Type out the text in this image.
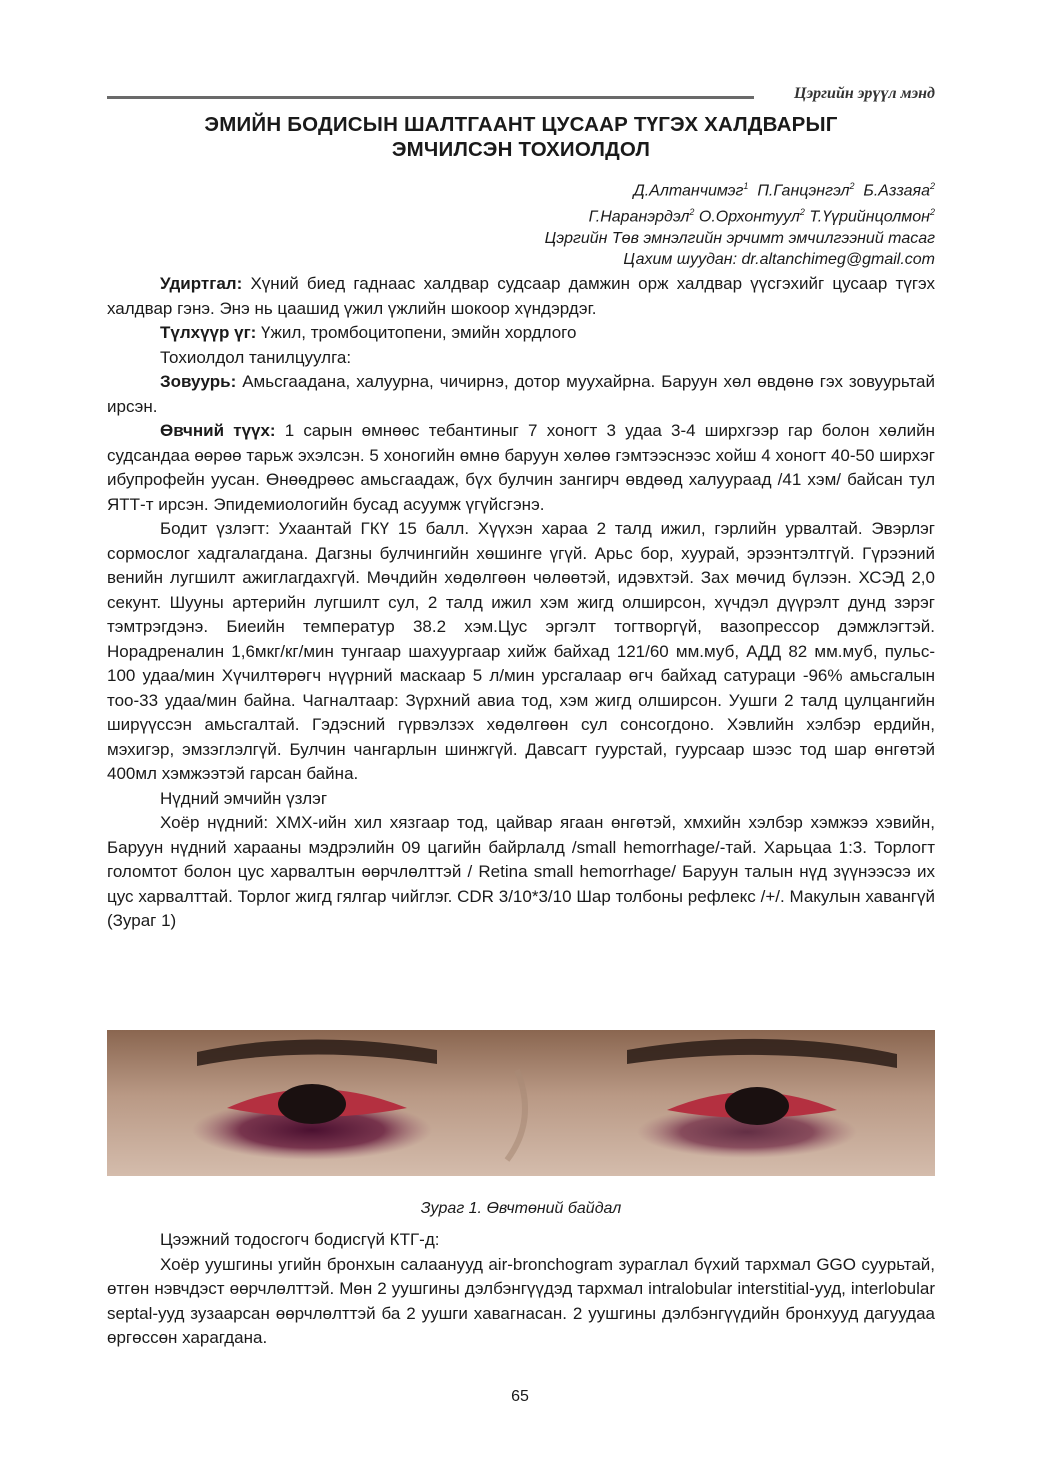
Цэргийн эрүүл мэнд
ЭМИЙН БОДИСЫН ШАЛТГААНТ ЦУСААР ТҮГЭХ ХАЛДВАРЫГ
ЭМЧИЛСЭН ТОХИОЛДОЛ
Д.Алтанчимэг$^1$ П.Ганцэнгэл$^2$ Б.Аззаяа$^2$
Г.Наранэрдэл$^2$ О.Орхонтуул$^2$ Т.Үүрийнцолмон$^2$
Цэргийн Төв эмнэлгийн эрчимт эмчилгээний тасаг
Цахим шуудан: dr.altanchimeg@gmail.com

Удиртгал: Хүний биед гаднаас халдвар судсаар дамжин орж халдвар үүсгэхийг цусаар түгэх халдвар гэнэ. Энэ нь цаашид үжил үжлийн шокоор хүндэрдэг.

Түлхүүр үг: Үжил, тромбоцитопени, эмийн хордлого

Тохиолдол танилцуулга:

Зовуурь: Амьсгаадана, халуурна, чичирнэ, дотор муухайрна. Баруун хөл өвдөнө гэх зовуурьтай ирсэн.

Өвчний түүх: 1 сарын өмнөөс тебантиныг 7 хоногт 3 удаа 3-4 ширхгээр гар болон хөлийн судсандаа өөрөө тарьж эхэлсэн. 5 хоногийн өмнө баруун хөлөө гэмтээснээс хойш 4 хоногт 40-50 ширхэг ибупрофейн уусан. Өнөөдрөөс амьсгаадаж, бүх булчин зангирч өвдөөд халуураад /41 хэм/ байсан тул ЯТТ-т ирсэн. Эпидемиологийн бусад асуумж үгүйсгэнэ.

Бодит үзлэгт: Ухаантай ГКҮ 15 балл. Хүүхэн хараа 2 талд ижил, гэрлийн урвалтай. Эвэрлэг сормослог хадгалагдана. Дагзны булчингийн хөшинге үгүй. Арьс бор, хуурай, эрээнтэлтгүй. Гүрээний венийн лугшилт ажиглагдахгүй. Мөчдийн хөдөлгөөн чөлөөтэй, идэвхтэй. Зах мөчид бүлээн. ХСЭД 2,0 секунт. Шууны артерийн лугшилт сул, 2 талд ижил хэм жигд олширсон, хүчдэл дүүрэлт дунд зэрэг тэмтрэгдэнэ. Биеийн температур 38.2 хэм.Цус эргэлт тогтворгүй, вазопрессор дэмжлэгтэй. Норадреналин 1,6мкг/кг/мин тунгаар шахуургаар хийж байхад 121/60 мм.муб, АДД 82 мм.муб, пульс- 100 удаа/мин Хүчилтөрөгч нүүрний маскаар 5 л/мин урсгалаар өгч байхад сатураци -96% амьсгалын тоо-33 удаа/мин байна. Чагналтаар: Зүрхний авиа тод, хэм жигд олширсон. Уушги 2 талд цулцангийн ширүүссэн амьсгалтай. Гэдэсний гүрвэлзэх хөдөлгөөн сул сонсогдоно. Хэвлийн хэлбэр ердийн, мэхигэр, эмзэглэлгүй. Булчин чангарлын шинжгүй. Давсагт гуурстай, гуурсаар шээс тод шар өнгөтэй 400мл хэмжээтэй гарсан байна.

Нүдний эмчийн үзлэг

Хоёр нүдний: ХМХ-ийн хил хязгаар тод, цайвар ягаан өнгөтэй, хмхийн хэлбэр хэмжээ хэвийн, Баруун нүдний харааны мэдрэлийн 09 цагийн байрлалд /small hemorrhage/-тай. Харьцаа 1:3. Торлогт голомтот болон цус харвалтын өөрчлөлттэй / Retina small hemorrhage/ Баруун талын нүд зүүнээсээ их цус харвалттай. Торлог жигд гялгар чийглэг. CDR 3/10*3/10 Шар толбоны рефлекс /+/. Макулын хавангүй (Зураг 1)

Зураг 1. Өвчтөний байдал

Цээжний тодосгогч бодисгүй КТГ-д:

Хоёр уушгины угийн бронхын салаанууд air-bronchogram зураглал бүхий тархмал GGO суурьтай, өтгөн нэвчдэст өөрчлөлттэй. Мөн 2 уушгины дэлбэнгүүдэд тархмал intralobular interstitial-ууд, interlobular septal-ууд зузаарсан өөрчлөлттэй ба 2 уушги хавагнасан. 2 уушгины дэлбэнгүүдийн бронхууд дагуудаа өргөссөн харагдана.

65
